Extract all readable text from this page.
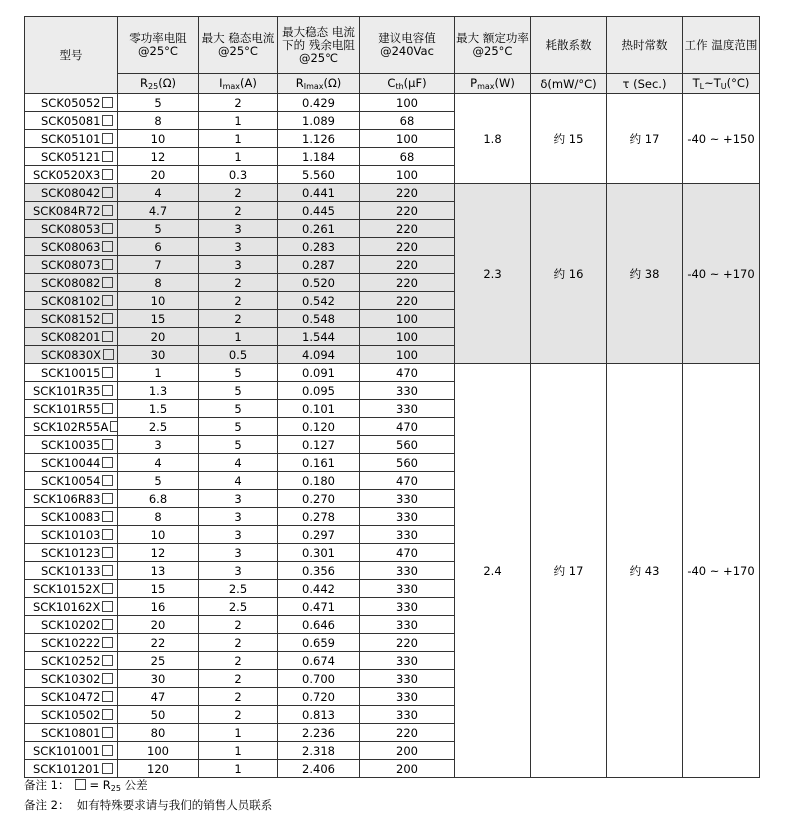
型号	零功率电阻 @25°C	最大 稳态电流 @25°C	最大稳态 电流下的 残余电阻 @25℃	建议电容值 @240Vac	最大 额定功率 @25°C	耗散系数	热时常数	工作 温度范围
	$R_{25}(\Omega)$	$I_{max}(A)$	$R_{Imax}(\Omega)$	$C_{th}(\mu F)$	$P_{max}(W)$	δ(mW/°C)	τ (Sec.)	$T_L\sim T_U(^\circ C)$
SCK05052	5	2	0.429	100	1.8	约 15	约 17	-40 ~ +150
SCK05081	8	1	1.089	68				
SCK05101	10	1	1.126	100				
SCK05121	12	1	1.184	68				
SCK0520X3	20	0.3	5.560	100				
SCK08042	4	2	0.441	220	2.3	约 16	约 38	-40 ~ +170
SCK084R72	4.7	2	0.445	220				
SCK08053	5	3	0.261	220				
SCK08063	6	3	0.283	220				
SCK08073	7	3	0.287	220				
SCK08082	8	2	0.520	220				
SCK08102	10	2	0.542	220				
SCK08152	15	2	0.548	100				
SCK08201	20	1	1.544	100				
SCK0830X	30	0.5	4.094	100				
SCK10015	1	5	0.091	470	2.4	约 17	约 43	-40 ~ +170
SCK101R35	1.3	5	0.095	330				
SCK101R55	1.5	5	0.101	330				
SCK102R55A	2.5	5	0.120	470				
SCK10035	3	5	0.127	560				
SCK10044	4	4	0.161	560				
SCK10054	5	4	0.180	470				
SCK106R83	6.8	3	0.270	330				
SCK10083	8	3	0.278	330				
SCK10103	10	3	0.297	330				
SCK10123	12	3	0.301	470				
SCK10133	13	3	0.356	330				
SCK10152X	15	2.5	0.442	330				
SCK10162X	16	2.5	0.471	330				
SCK10202	20	2	0.646	330				
SCK10222	22	2	0.659	220				
SCK10252	25	2	0.674	330				
SCK10302	30	2	0.700	330				
SCK10472	47	2	0.720	330				
SCK10502	50	2	0.813	330				
SCK10801	80	1	2.236	220				
SCK101001	100	1	2.318	200				
SCK101201	120	1	2.406	200				
备注 1： = $R_{25}$ 公差
备注 2： 如有特殊要求请与我们的销售人员联系
